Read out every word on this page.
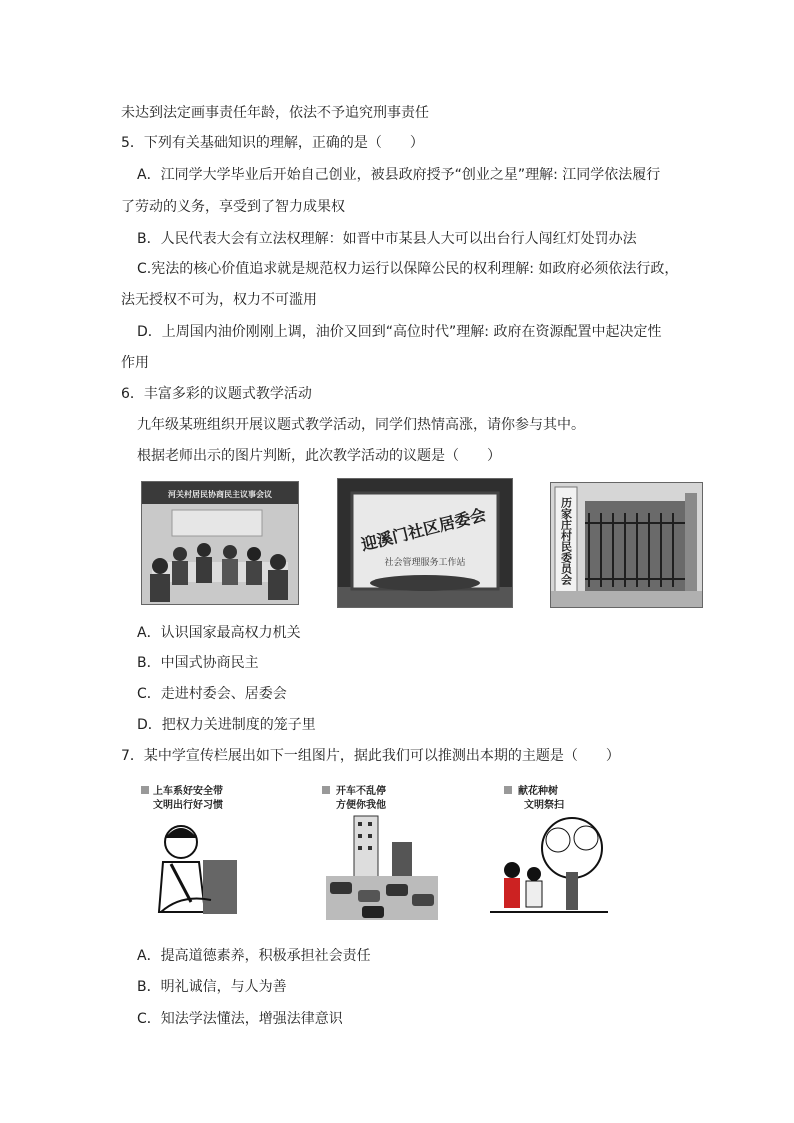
未达到法定画事责任年龄，依法不予追究刑事责任
5．下列有关基础知识的理解，正确的是（　　）
A．江同学大学毕业后开始自己创业，被县政府授予“创业之星”理解: 江同学依法履行
了劳动的义务，享受到了智力成果权
B．人民代表大会有立法权理解：如晋中市某县人大可以出台行人闯红灯处罚办法
C.宪法的核心价值追求就是规范权力运行以保障公民的权利理解: 如政府必须依法行政，
法无授权不可为，权力不可滥用
D．上周国内油价刚刚上调，油价又回到“高位时代”理解: 政府在资源配置中起决定性
作用
6．丰富多彩的议题式教学活动
九年级某班组织开展议题式教学活动，同学们热情高涨，请你参与其中。
根据老师出示的图片判断，此次教学活动的议题是（　　）
河关村居民协商民主议事会议
迎溪门社区居委会
社会管理服务工作站	历家庄村民委员会
A．认识国家最高权力机关
B．中国式协商民主
C．走进村委会、居委会
D．把权力关进制度的笼子里
7．某中学宣传栏展出如下一组图片，据此我们可以推测出本期的主题是（　　）
上车系好安全带
文明出行好习惯
开车不乱停
方便你我他
献花种树
文明祭扫
A．提高道德素养，积极承担社会责任
B．明礼诚信，与人为善
C．知法学法懂法，增强法律意识
